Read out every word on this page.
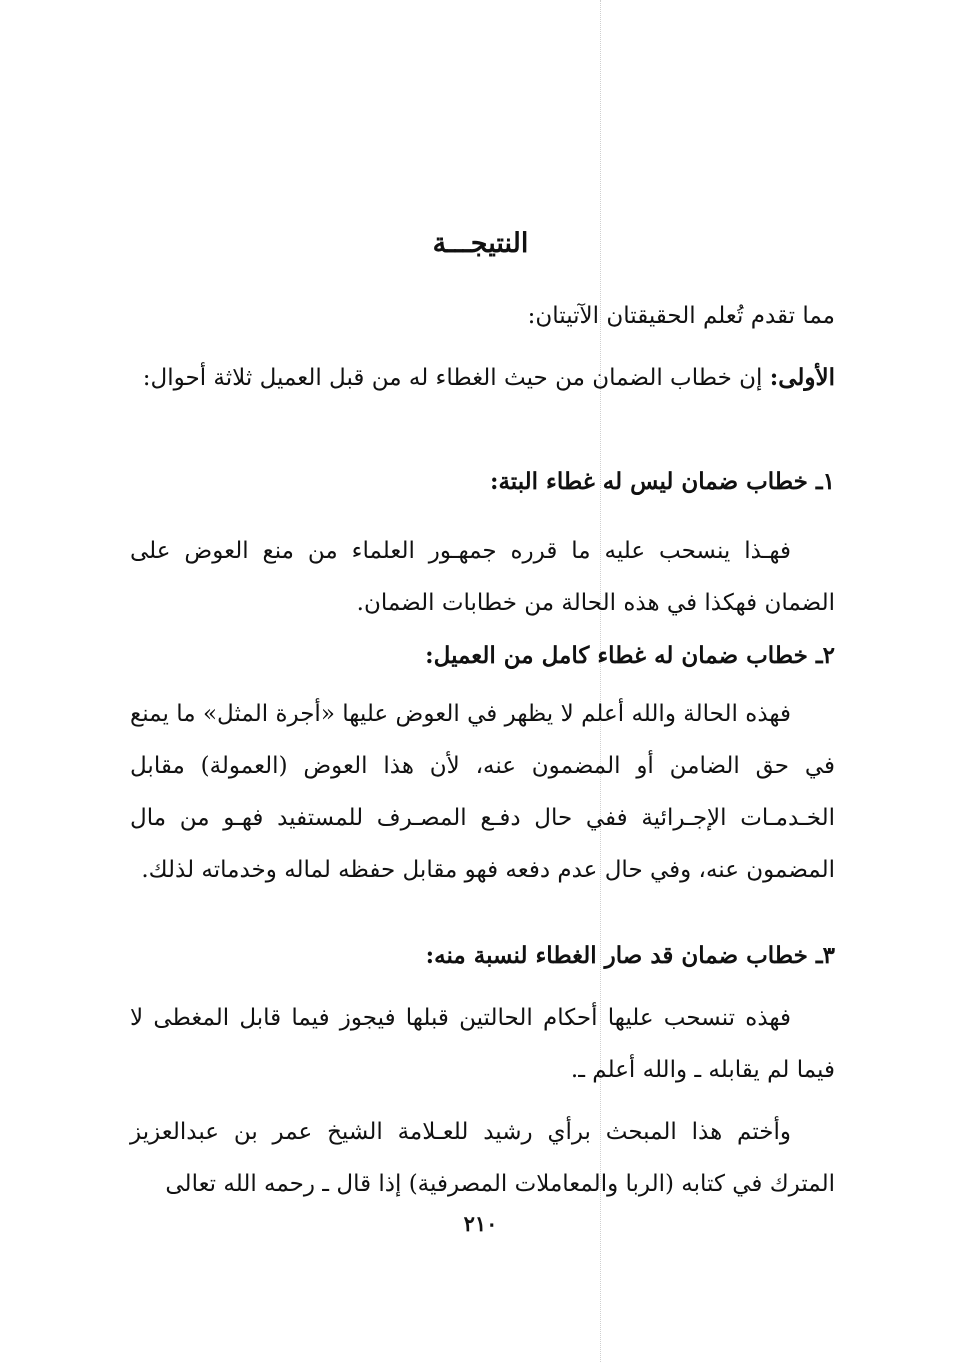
النتيجـــة
مما تقدم تُعلم الحقيقتان الآتيتان:
الأولى: إن خطاب الضمان من حيث الغطاء له من قبل العميل ثلاثة أحوال:
١ـ خطاب ضمان ليس له غطاء البتة:
فهـذا ينسحب عليه ما قرره جمهـور العلماء من منع العوض على الضمان فهكذا في هذه الحالة من خطابات الضمان.
٢ـ خطاب ضمان له غطاء كامل من العميل:
فهذه الحالة والله أعلم لا يظهر في العوض عليها «أجرة المثل» ما يمنع في حق الضامن أو المضمون عنه، لأن هذا العوض (العمولة) مقابل الخـدمـات الإجـرائية ففي حال دفـع المصـرف للمستفيد فهـو من مال المضمون عنه، وفي حال عدم دفعه فهو مقابل حفظه لماله وخدماته لذلك.
٣ـ خطاب ضمان قد صار الغطاء لنسبة منه:
فهذه تنسحب عليها أحكام الحالتين قبلها فيجوز فيما قابل المغطى لا فيما لم يقابله ـ والله أعلم ـ.
وأختم هذا المبحث برأي رشيد للعـلامة الشيخ عمر بن عبدالعزيز المترك في كتابه (الربا والمعاملات المصرفية) إذا قال ـ رحمه الله تعالى
٢١٠
